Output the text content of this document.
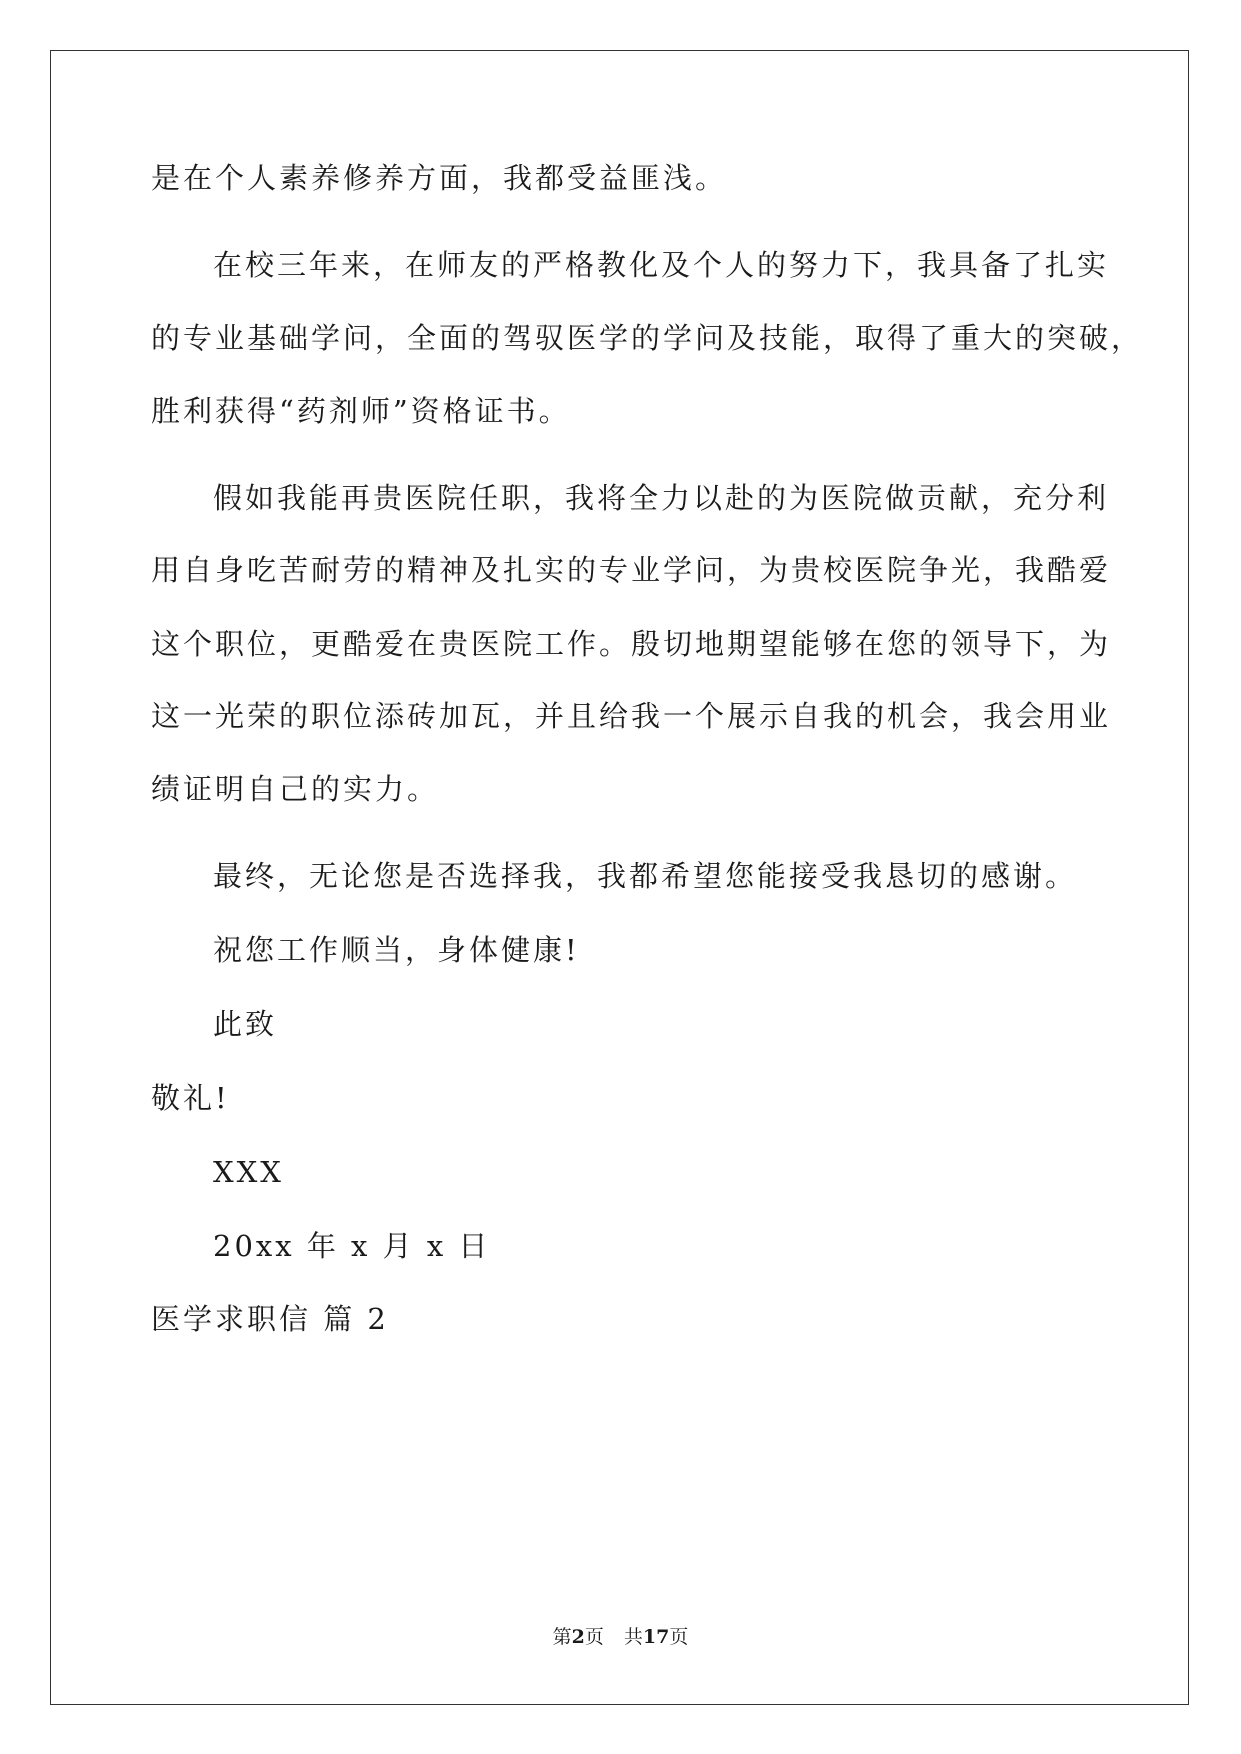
是在个人素养修养方面，我都受益匪浅。
在校三年来，在师友的严格教化及个人的努力下，我具备了扎实
的专业基础学问，全面的驾驭医学的学问及技能，取得了重大的突破，
胜利获得“药剂师”资格证书。
假如我能再贵医院任职，我将全力以赴的为医院做贡献，充分利
用自身吃苦耐劳的精神及扎实的专业学问，为贵校医院争光，我酷爱
这个职位，更酷爱在贵医院工作。殷切地期望能够在您的领导下，为
这一光荣的职位添砖加瓦，并且给我一个展示自我的机会，我会用业
绩证明自己的实力。
最终，无论您是否选择我，我都希望您能接受我恳切的感谢。
祝您工作顺当，身体健康!
此致
敬礼!
XXX
20xx 年 x 月 x 日
医学求职信 篇 2
第2页 共17页
